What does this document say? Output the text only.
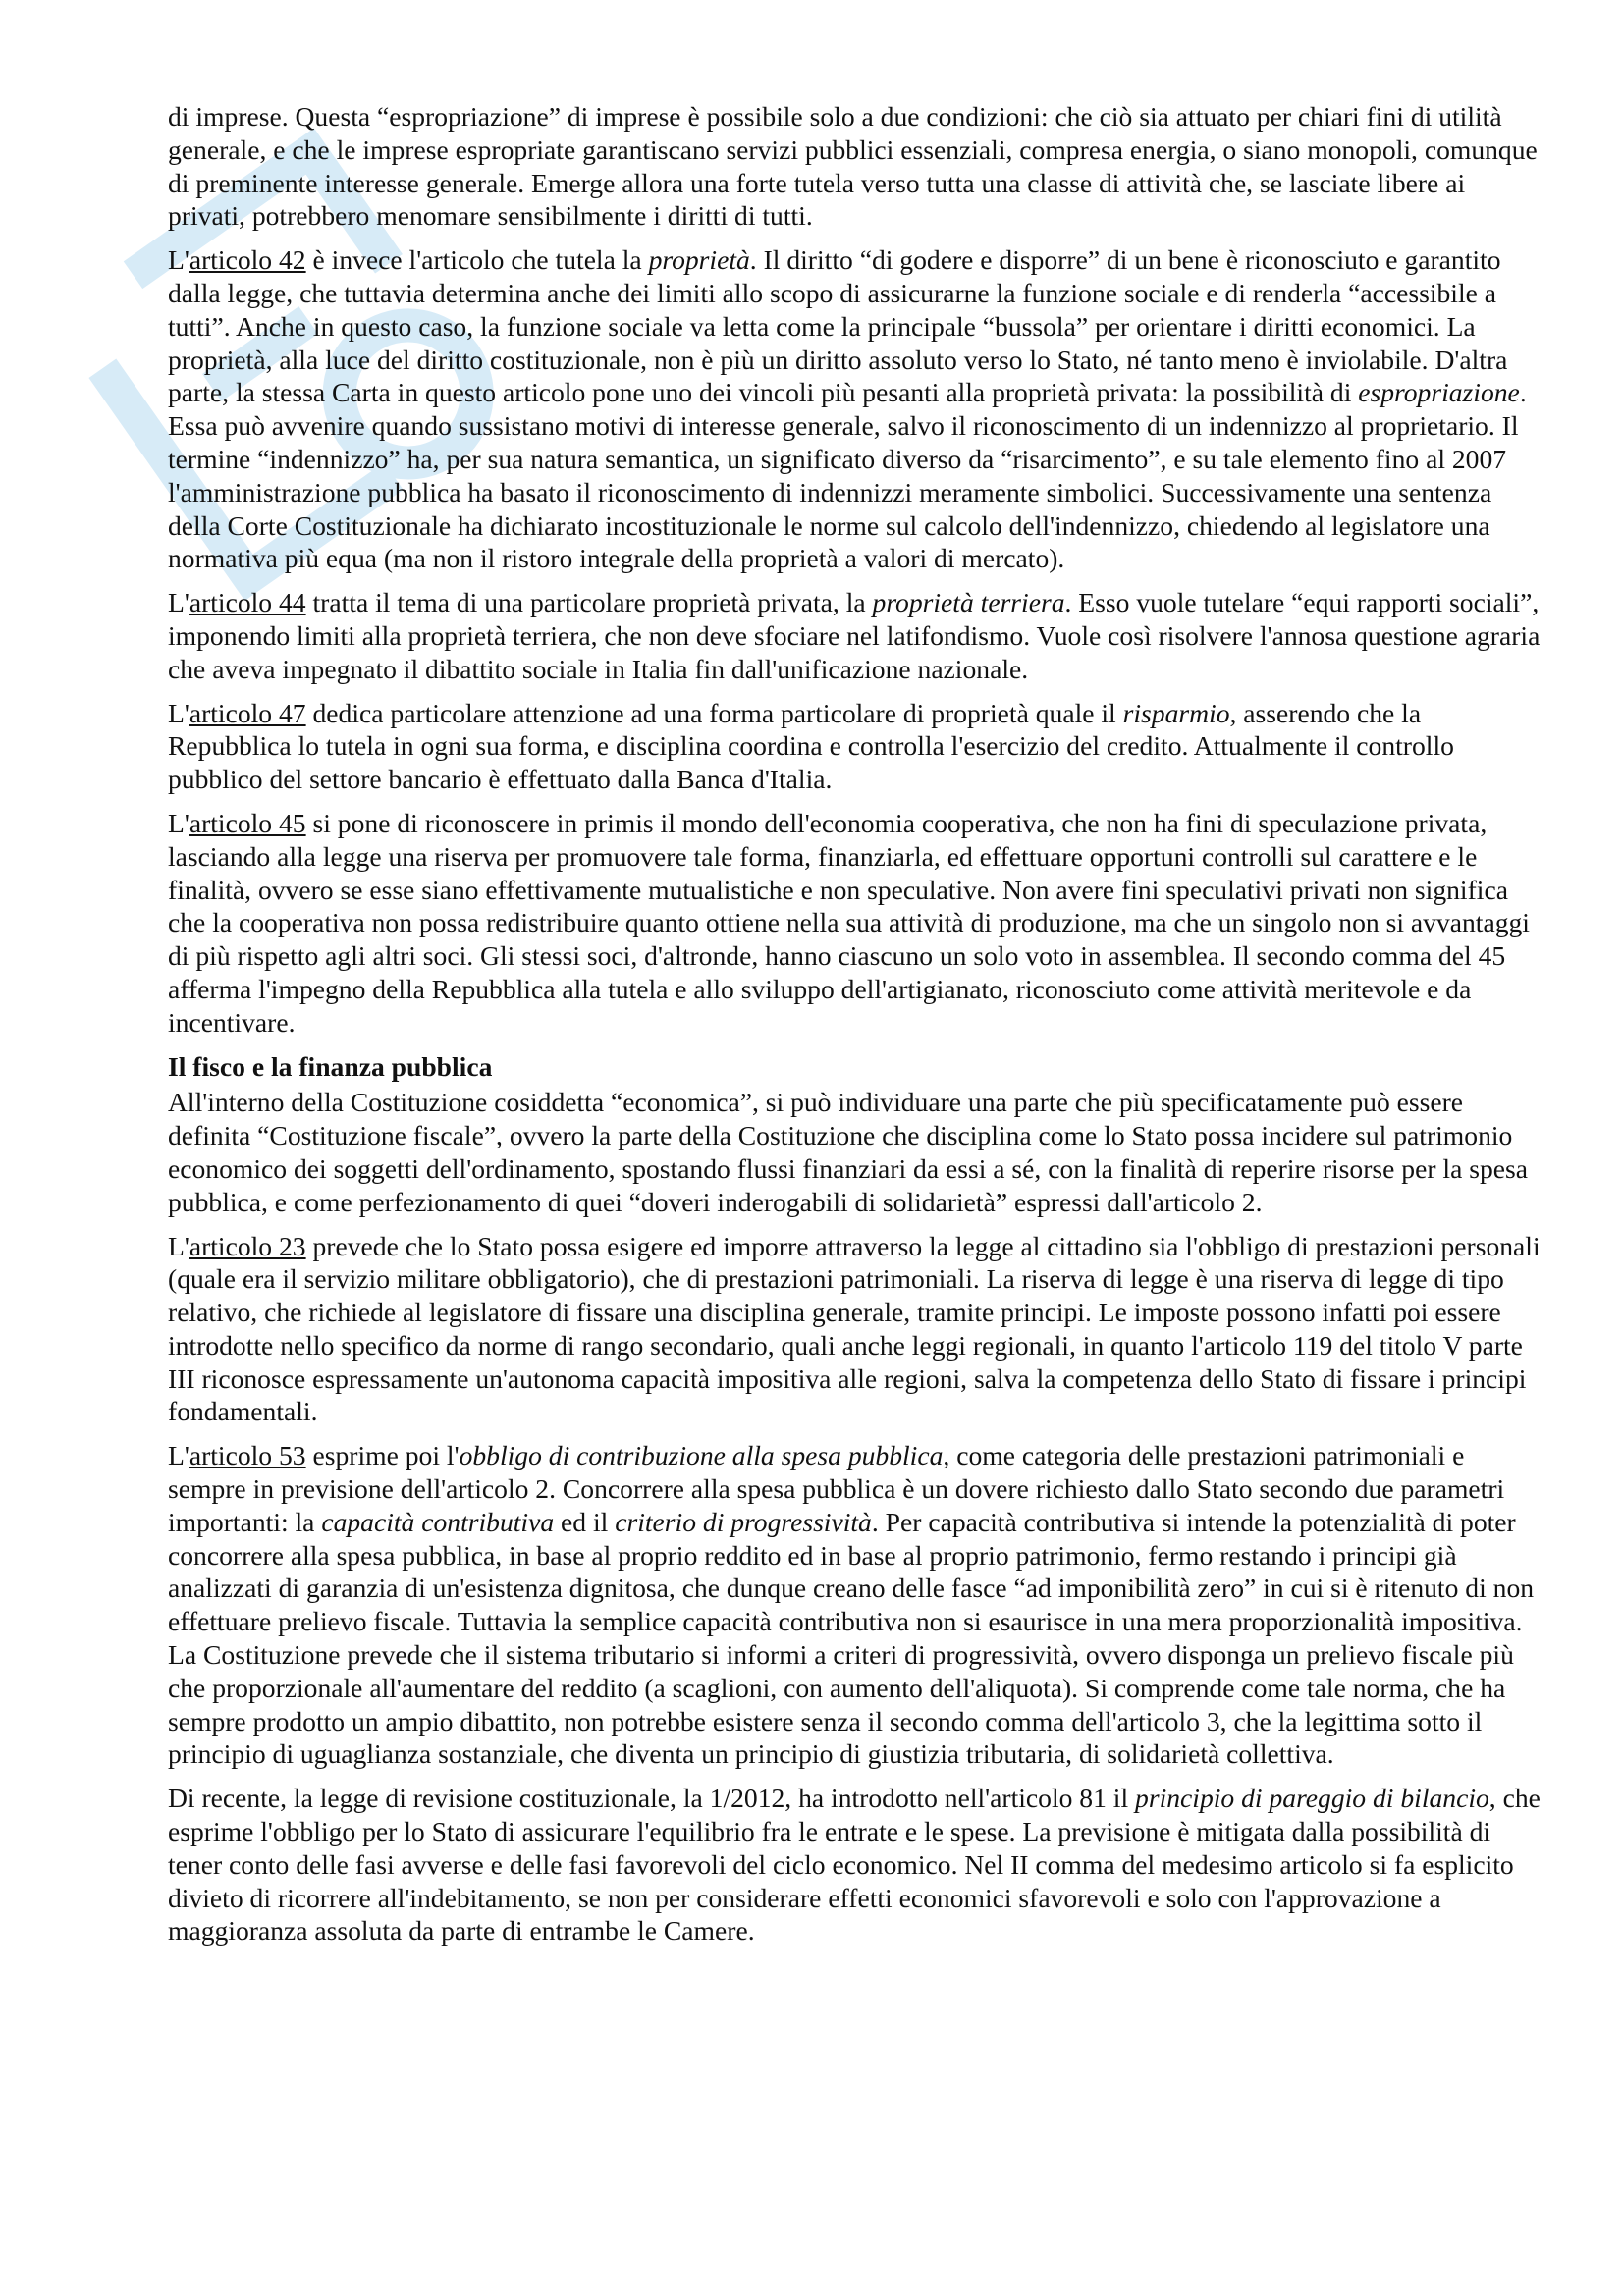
di imprese. Questa “espropriazione” di imprese è possibile solo a due condizioni: che ciò sia attuato per chiari fini di utilità generale, e che le imprese espropriate garantiscano servizi pubblici essenziali, compresa energia, o siano monopoli, comunque di preminente interesse generale. Emerge allora una forte tutela verso tutta una classe di attività che, se lasciate libere ai privati, potrebbero menomare sensibilmente i diritti di tutti.

L'articolo 42 è invece l'articolo che tutela la proprietà. Il diritto “di godere e disporre” di un bene è riconosciuto e garantito dalla legge, che tuttavia determina anche dei limiti allo scopo di assicurarne la funzione sociale e di renderla “accessibile a tutti”. Anche in questo caso, la funzione sociale va letta come la principale “bussola” per orientare i diritti economici. La proprietà, alla luce del diritto costituzionale, non è più un diritto assoluto verso lo Stato, né tanto meno è inviolabile. D'altra parte, la stessa Carta in questo articolo pone uno dei vincoli più pesanti alla proprietà privata: la possibilità di espropriazione. Essa può avvenire quando sussistano motivi di interesse generale, salvo il riconoscimento di un indennizzo al proprietario. Il termine “indennizzo” ha, per sua natura semantica, un significato diverso da “risarcimento”, e su tale elemento fino al 2007 l'amministrazione pubblica ha basato il riconoscimento di indennizzi meramente simbolici. Successivamente una sentenza della Corte Costituzionale ha dichiarato incostituzionale le norme sul calcolo dell'indennizzo, chiedendo al legislatore una normativa più equa (ma non il ristoro integrale della proprietà a valori di mercato).

L'articolo 44 tratta il tema di una particolare proprietà privata, la proprietà terriera. Esso vuole tutelare “equi rapporti sociali”, imponendo limiti alla proprietà terriera, che non deve sfociare nel latifondismo. Vuole così risolvere l'annosa questione agraria che aveva impegnato il dibattito sociale in Italia fin dall'unificazione nazionale.

L'articolo 47 dedica particolare attenzione ad una forma particolare di proprietà quale il risparmio, asserendo che la Repubblica lo tutela in ogni sua forma, e disciplina coordina e controlla l'esercizio del credito. Attualmente il controllo pubblico del settore bancario è effettuato dalla Banca d'Italia.

L'articolo 45 si pone di riconoscere in primis il mondo dell'economia cooperativa, che non ha fini di speculazione privata, lasciando alla legge una riserva per promuovere tale forma, finanziarla, ed effettuare opportuni controlli sul carattere e le finalità, ovvero se esse siano effettivamente mutualistiche e non speculative. Non avere fini speculativi privati non significa che la cooperativa non possa redistribuire quanto ottiene nella sua attività di produzione, ma che un singolo non si avvantaggi di più rispetto agli altri soci. Gli stessi soci, d'altronde, hanno ciascuno un solo voto in assemblea. Il secondo comma del 45 afferma l'impegno della Repubblica alla tutela e allo sviluppo dell'artigianato, riconosciuto come attività meritevole e da incentivare.

Il fisco e la finanza pubblica

All'interno della Costituzione cosiddetta “economica”, si può individuare una parte che più specificatamente può essere definita “Costituzione fiscale”, ovvero la parte della Costituzione che disciplina come lo Stato possa incidere sul patrimonio economico dei soggetti dell'ordinamento, spostando flussi finanziari da essi a sé, con la finalità di reperire risorse per la spesa pubblica, e come perfezionamento di quei “doveri inderogabili di solidarietà” espressi dall'articolo 2.

L'articolo 23 prevede che lo Stato possa esigere ed imporre attraverso la legge al cittadino sia l'obbligo di prestazioni personali (quale era il servizio militare obbligatorio), che di prestazioni patrimoniali. La riserva di legge è una riserva di legge di tipo relativo, che richiede al legislatore di fissare una disciplina generale, tramite principi. Le imposte possono infatti poi essere introdotte nello specifico da norme di rango secondario, quali anche leggi regionali, in quanto l'articolo 119 del titolo V parte III riconosce espressamente un'autonoma capacità impositiva alle regioni, salva la competenza dello Stato di fissare i principi fondamentali.

L'articolo 53 esprime poi l'obbligo di contribuzione alla spesa pubblica, come categoria delle prestazioni patrimoniali e sempre in previsione dell'articolo 2. Concorrere alla spesa pubblica è un dovere richiesto dallo Stato secondo due parametri importanti: la capacità contributiva ed il criterio di progressività. Per capacità contributiva si intende la potenzialità di poter concorrere alla spesa pubblica, in base al proprio reddito ed in base al proprio patrimonio, fermo restando i principi già analizzati di garanzia di un'esistenza dignitosa, che dunque creano delle fasce “ad imponibilità zero” in cui si è ritenuto di non effettuare prelievo fiscale. Tuttavia la semplice capacità contributiva non si esaurisce in una mera proporzionalità impositiva. La Costituzione prevede che il sistema tributario si informi a criteri di progressività, ovvero disponga un prelievo fiscale più che proporzionale all'aumentare del reddito (a scaglioni, con aumento dell'aliquota). Si comprende come tale norma, che ha sempre prodotto un ampio dibattito, non potrebbe esistere senza il secondo comma dell'articolo 3, che la legittima sotto il principio di uguaglianza sostanziale, che diventa un principio di giustizia tributaria, di solidarietà collettiva.

Di recente, la legge di revisione costituzionale, la 1/2012, ha introdotto nell'articolo 81 il principio di pareggio di bilancio, che esprime l'obbligo per lo Stato di assicurare l'equilibrio fra le entrate e le spese. La previsione è mitigata dalla possibilità di tener conto delle fasi avverse e delle fasi favorevoli del ciclo economico. Nel II comma del medesimo articolo si fa esplicito divieto di ricorrere all'indebitamento, se non per considerare effetti economici sfavorevoli e solo con l'approvazione a maggioranza assoluta da parte di entrambe le Camere.
